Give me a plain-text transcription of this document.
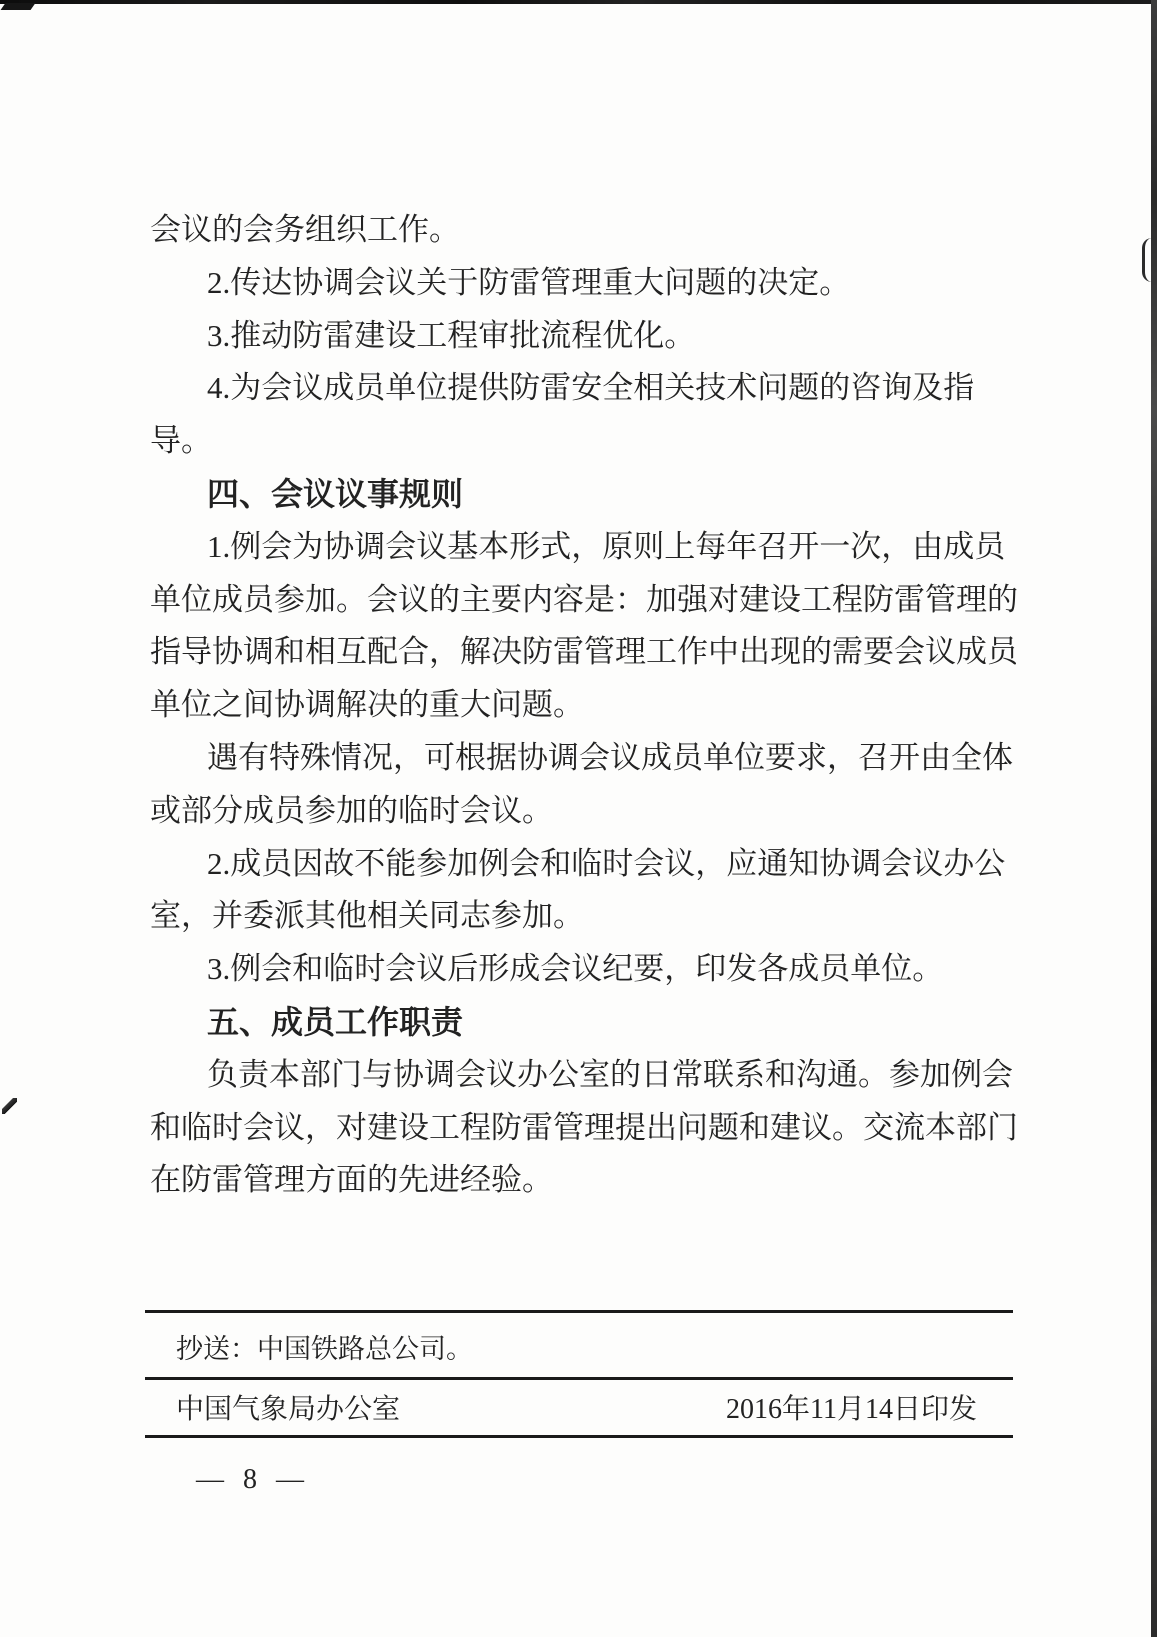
会议的会务组织工作。
2.传达协调会议关于防雷管理重大问题的决定。
3.推动防雷建设工程审批流程优化。
4.为会议成员单位提供防雷安全相关技术问题的咨询及指
导。
四、会议议事规则
1.例会为协调会议基本形式，原则上每年召开一次，由成员
单位成员参加。会议的主要内容是：加强对建设工程防雷管理的
指导协调和相互配合，解决防雷管理工作中出现的需要会议成员
单位之间协调解决的重大问题。
遇有特殊情况，可根据协调会议成员单位要求，召开由全体
或部分成员参加的临时会议。
2.成员因故不能参加例会和临时会议，应通知协调会议办公
室，并委派其他相关同志参加。
3.例会和临时会议后形成会议纪要，印发各成员单位。
五、成员工作职责
负责本部门与协调会议办公室的日常联系和沟通。参加例会
和临时会议，对建设工程防雷管理提出问题和建议。交流本部门
在防雷管理方面的先进经验。
抄送：中国铁路总公司。
中国气象局办公室	2016年11月14日印发
— 8 —
